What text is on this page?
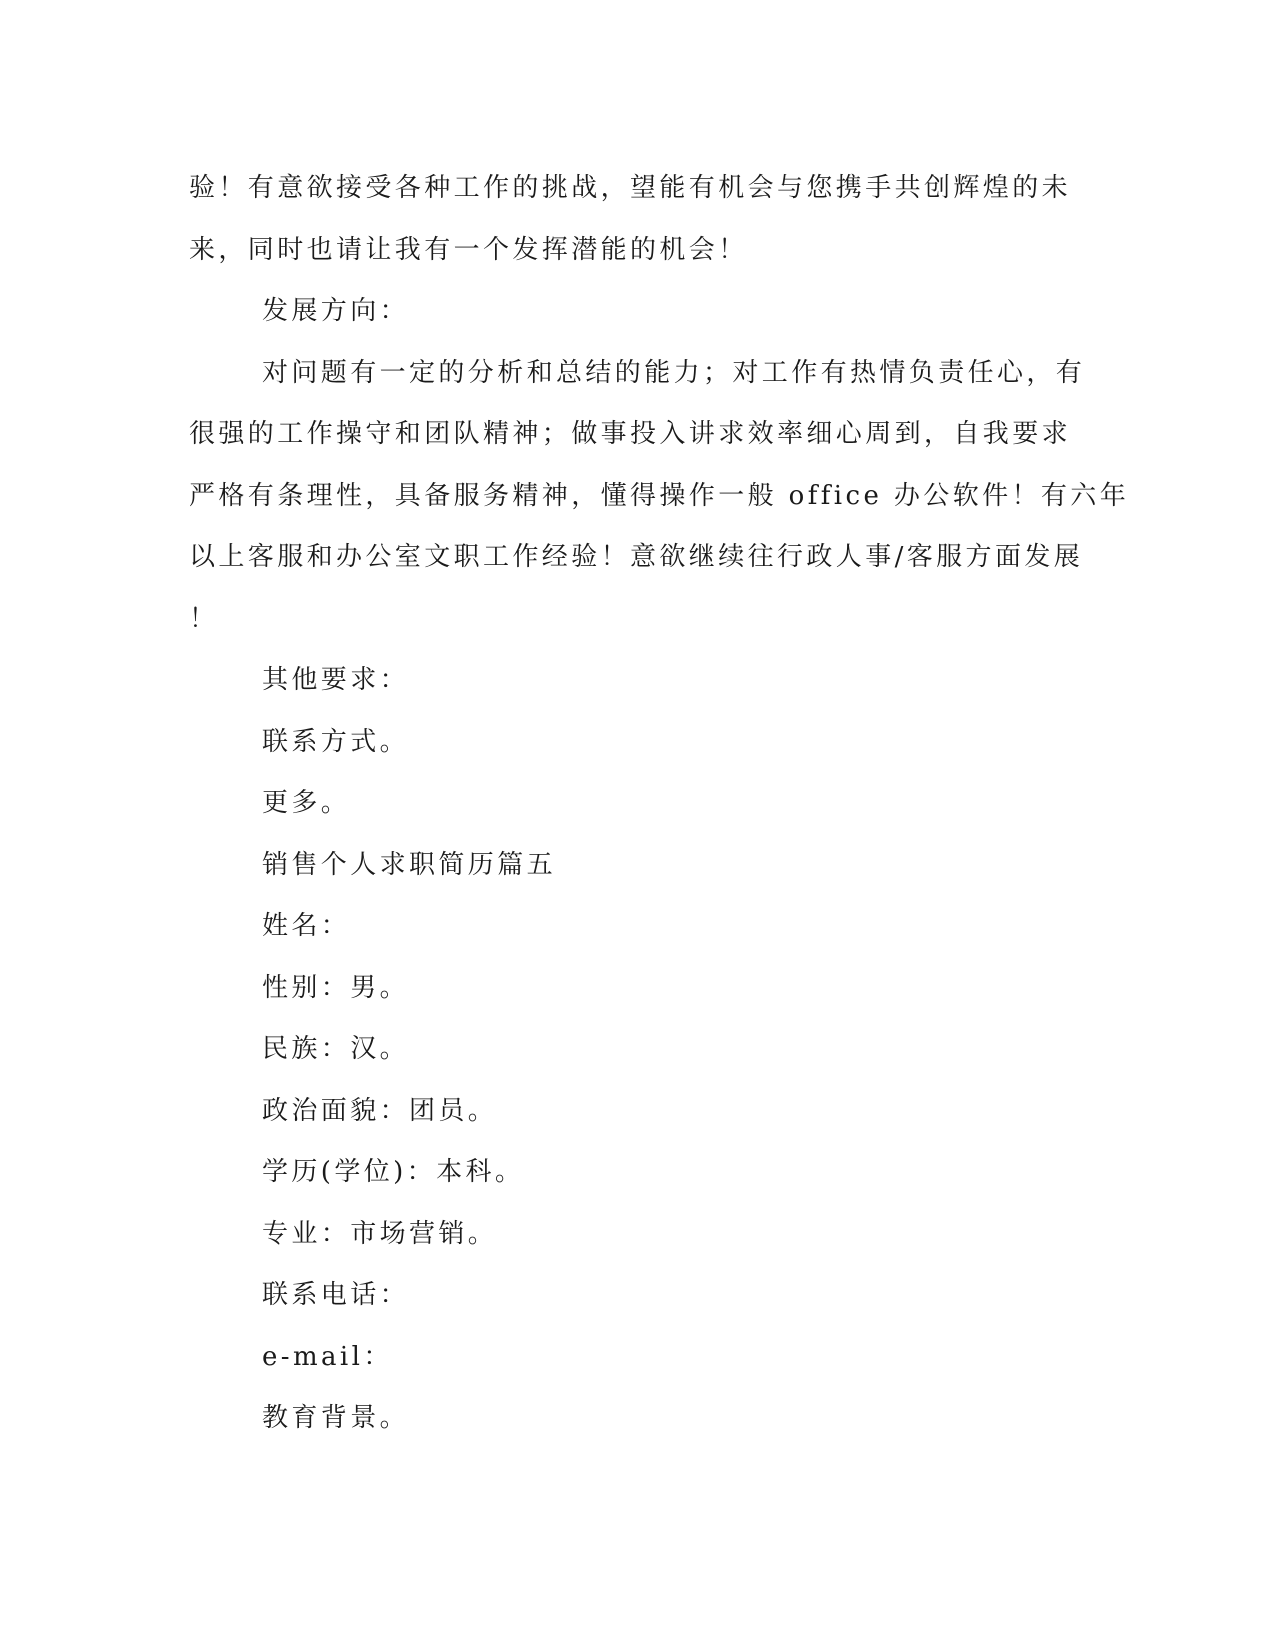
验！有意欲接受各种工作的挑战，望能有机会与您携手共创辉煌的未
来，同时也请让我有一个发挥潜能的机会！
发展方向：
对问题有一定的分析和总结的能力；对工作有热情负责任心，有
很强的工作操守和团队精神；做事投入讲求效率细心周到，自我要求
严格有条理性，具备服务精神，懂得操作一般 office 办公软件！有六年
以上客服和办公室文职工作经验！意欲继续往行政人事/客服方面发展
！
其他要求：
联系方式。
更多。
销售个人求职简历篇五
姓名：
性别：男。
民族：汉。
政治面貌：团员。
学历(学位)：本科。
专业：市场营销。
联系电话：
e-mail：
教育背景。
